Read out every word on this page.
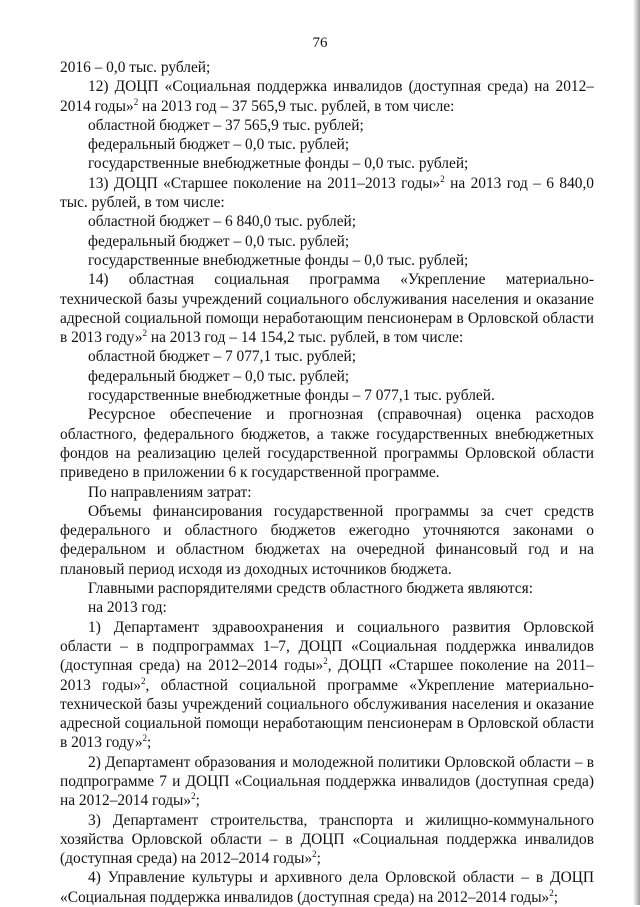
76

2016 – 0,0 тыс. рублей;

12) ДОЦП «Социальная поддержка инвалидов (доступная среда) на 2012–2014 годы»$^2$ на 2013 год – 37 565,9 тыс. рублей, в том числе:

областной бюджет – 37 565,9 тыс. рублей;

федеральный бюджет – 0,0 тыс. рублей;

государственные внебюджетные фонды – 0,0 тыс. рублей;

13) ДОЦП «Старшее поколение на 2011–2013 годы»$^2$ на 2013 год – 6 840,0 тыс. рублей, в том числе:

областной бюджет – 6 840,0 тыс. рублей;

федеральный бюджет – 0,0 тыс. рублей;

государственные внебюджетные фонды – 0,0 тыс. рублей;

14) областная социальная программа «Укрепление материально-технической базы учреждений социального обслуживания населения и оказание адресной социальной помощи неработающим пенсионерам в Орловской области в 2013 году»$^2$ на 2013 год – 14 154,2 тыс. рублей, в том числе:

областной бюджет – 7 077,1 тыс. рублей;

федеральный бюджет – 0,0 тыс. рублей;

государственные внебюджетные фонды – 7 077,1 тыс. рублей.

Ресурсное обеспечение и прогнозная (справочная) оценка расходов областного, федерального бюджетов, а также государственных внебюджетных фондов на реализацию целей государственной программы Орловской области приведено в приложении 6 к государственной программе.

По направлениям затрат:

Объемы финансирования государственной программы за счет средств федерального и областного бюджетов ежегодно уточняются законами о федеральном и областном бюджетах на очередной финансовый год и на плановый период исходя из доходных источников бюджета.

Главными распорядителями средств областного бюджета являются:

на 2013 год:

1) Департамент здравоохранения и социального развития Орловской области – в подпрограммах 1–7, ДОЦП «Социальная поддержка инвалидов (доступная среда) на 2012–2014 годы»$^2$, ДОЦП «Старшее поколение на 2011–2013 годы»$^2$, областной социальной программе «Укрепление материально-технической базы учреждений социального обслуживания населения и оказание адресной социальной помощи неработающим пенсионерам в Орловской области в 2013 году»$^2$;

2) Департамент образования и молодежной политики Орловской области – в подпрограмме 7 и ДОЦП «Социальная поддержка инвалидов (доступная среда) на 2012–2014 годы»$^2$;

3) Департамент строительства, транспорта и жилищно-коммунального хозяйства Орловской области – в ДОЦП «Социальная поддержка инвалидов (доступная среда) на 2012–2014 годы»$^2$;

4) Управление культуры и архивного дела Орловской области – в ДОЦП «Социальная поддержка инвалидов (доступная среда) на 2012–2014 годы»$^2$;
